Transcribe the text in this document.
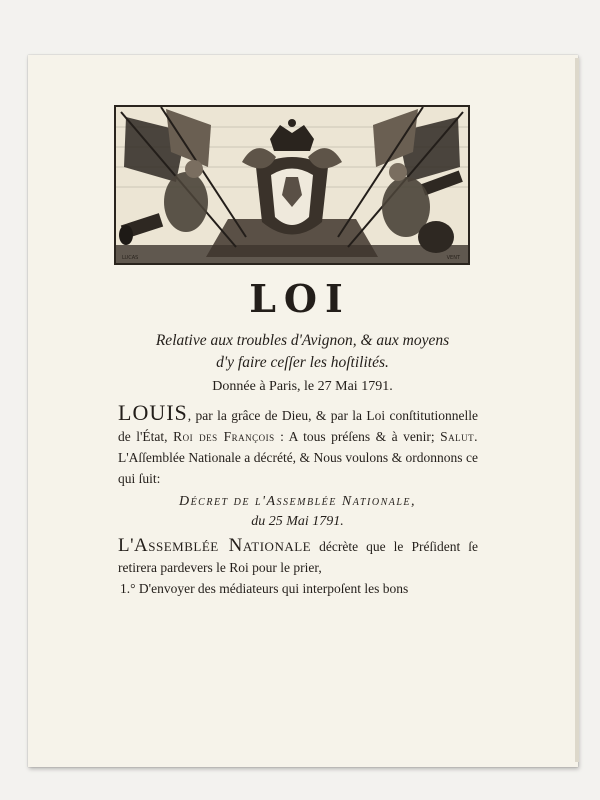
LUCAS	VENT
LOI
Relative aux troubles d'Avignon, & aux moyens
d'y faire ceſſer les hoſtilités.
Donnée à Paris, le 27 Mai 1791.
LOUIS, par la grâce de Dieu, & par la Loi conſtitutionnelle de l'État, Roi des François : A tous préſens & à venir; Salut. L'Aſſemblée Nationale a décrété, & Nous voulons & ordonnons ce qui ſuit:
Décret de l'Assemblée Nationale,
du 25 Mai 1791.
L'Assemblée Nationale décrète que le Préſident ſe retirera pardevers le Roi pour le prier,
1.° D'envoyer des médiateurs qui interpoſent les bons
